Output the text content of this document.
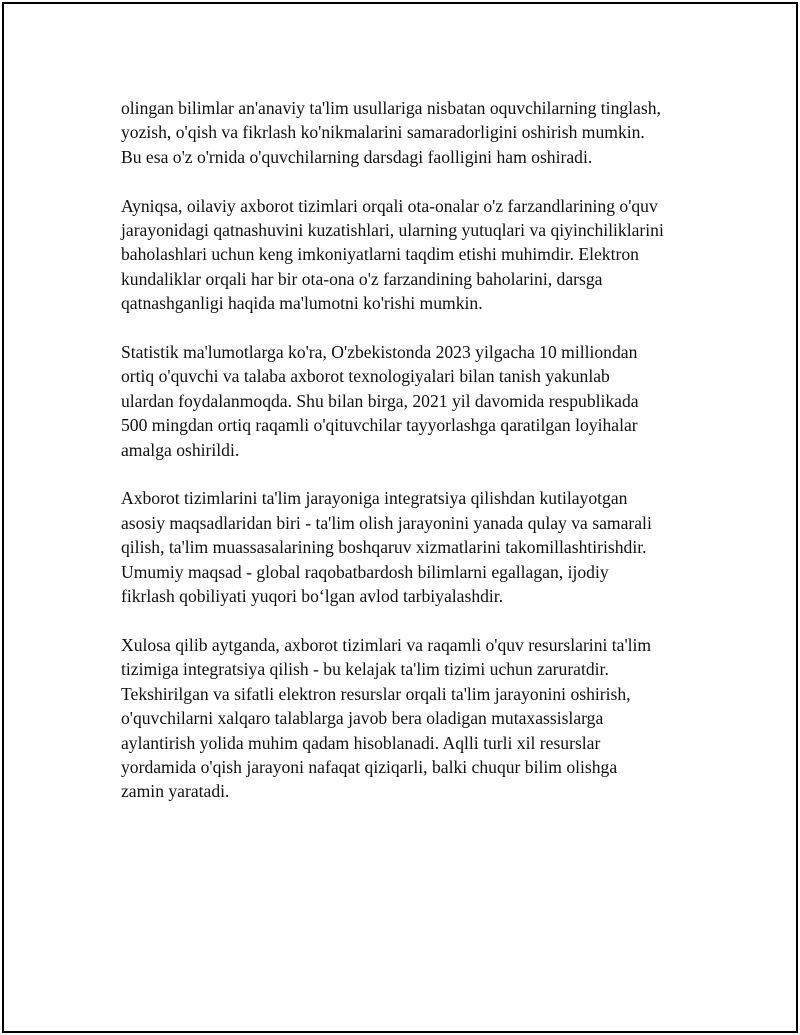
olingan bilimlar an'anaviy ta'lim usullariga nisbatan oquvchilarning tinglash,
yozish, o'qish va fikrlash ko'nikmalarini samaradorligini oshirish mumkin.
Bu esa o'z o'rnida o'quvchilarning darsdagi faolligini ham oshiradi.

Ayniqsa, oilaviy axborot tizimlari orqali ota-onalar o'z farzandlarining o'quv
jarayonidagi qatnashuvini kuzatishlari, ularning yutuqlari va qiyinchiliklarini
baholashlari uchun keng imkoniyatlarni taqdim etishi muhimdir. Elektron
kundaliklar orqali har bir ota-ona o'z farzandining baholarini, darsga
qatnashganligi haqida ma'lumotni ko'rishi mumkin.

Statistik ma'lumotlarga ko'ra, O'zbekistonda 2023 yilgacha 10 milliondan
ortiq o'quvchi va talaba axborot texnologiyalari bilan tanish yakunlab
ulardan foydalanmoqda. Shu bilan birga, 2021 yil davomida respublikada
500 mingdan ortiq raqamli o'qituvchilar tayyorlashga qaratilgan loyihalar
amalga oshirildi.

Axborot tizimlarini ta'lim jarayoniga integratsiya qilishdan kutilayotgan
asosiy maqsadlaridan biri - ta'lim olish jarayonini yanada qulay va samarali
qilish, ta'lim muassasalarining boshqaruv xizmatlarini takomillashtirishdir.
Umumiy maqsad - global raqobatbardosh bilimlarni egallagan, ijodiy
fikrlash qobiliyati yuqori bo‘lgan avlod tarbiyalashdir.

Xulosa qilib aytganda, axborot tizimlari va raqamli o'quv resurslarini ta'lim
tizimiga integratsiya qilish - bu kelajak ta'lim tizimi uchun zaruratdir.
Tekshirilgan va sifatli elektron resurslar orqali ta'lim jarayonini oshirish,
o'quvchilarni xalqaro talablarga javob bera oladigan mutaxassislarga
aylantirish yolida muhim qadam hisoblanadi. Aqlli turli xil resurslar
yordamida o'qish jarayoni nafaqat qiziqarli, balki chuqur bilim olishga
zamin yaratadi.
